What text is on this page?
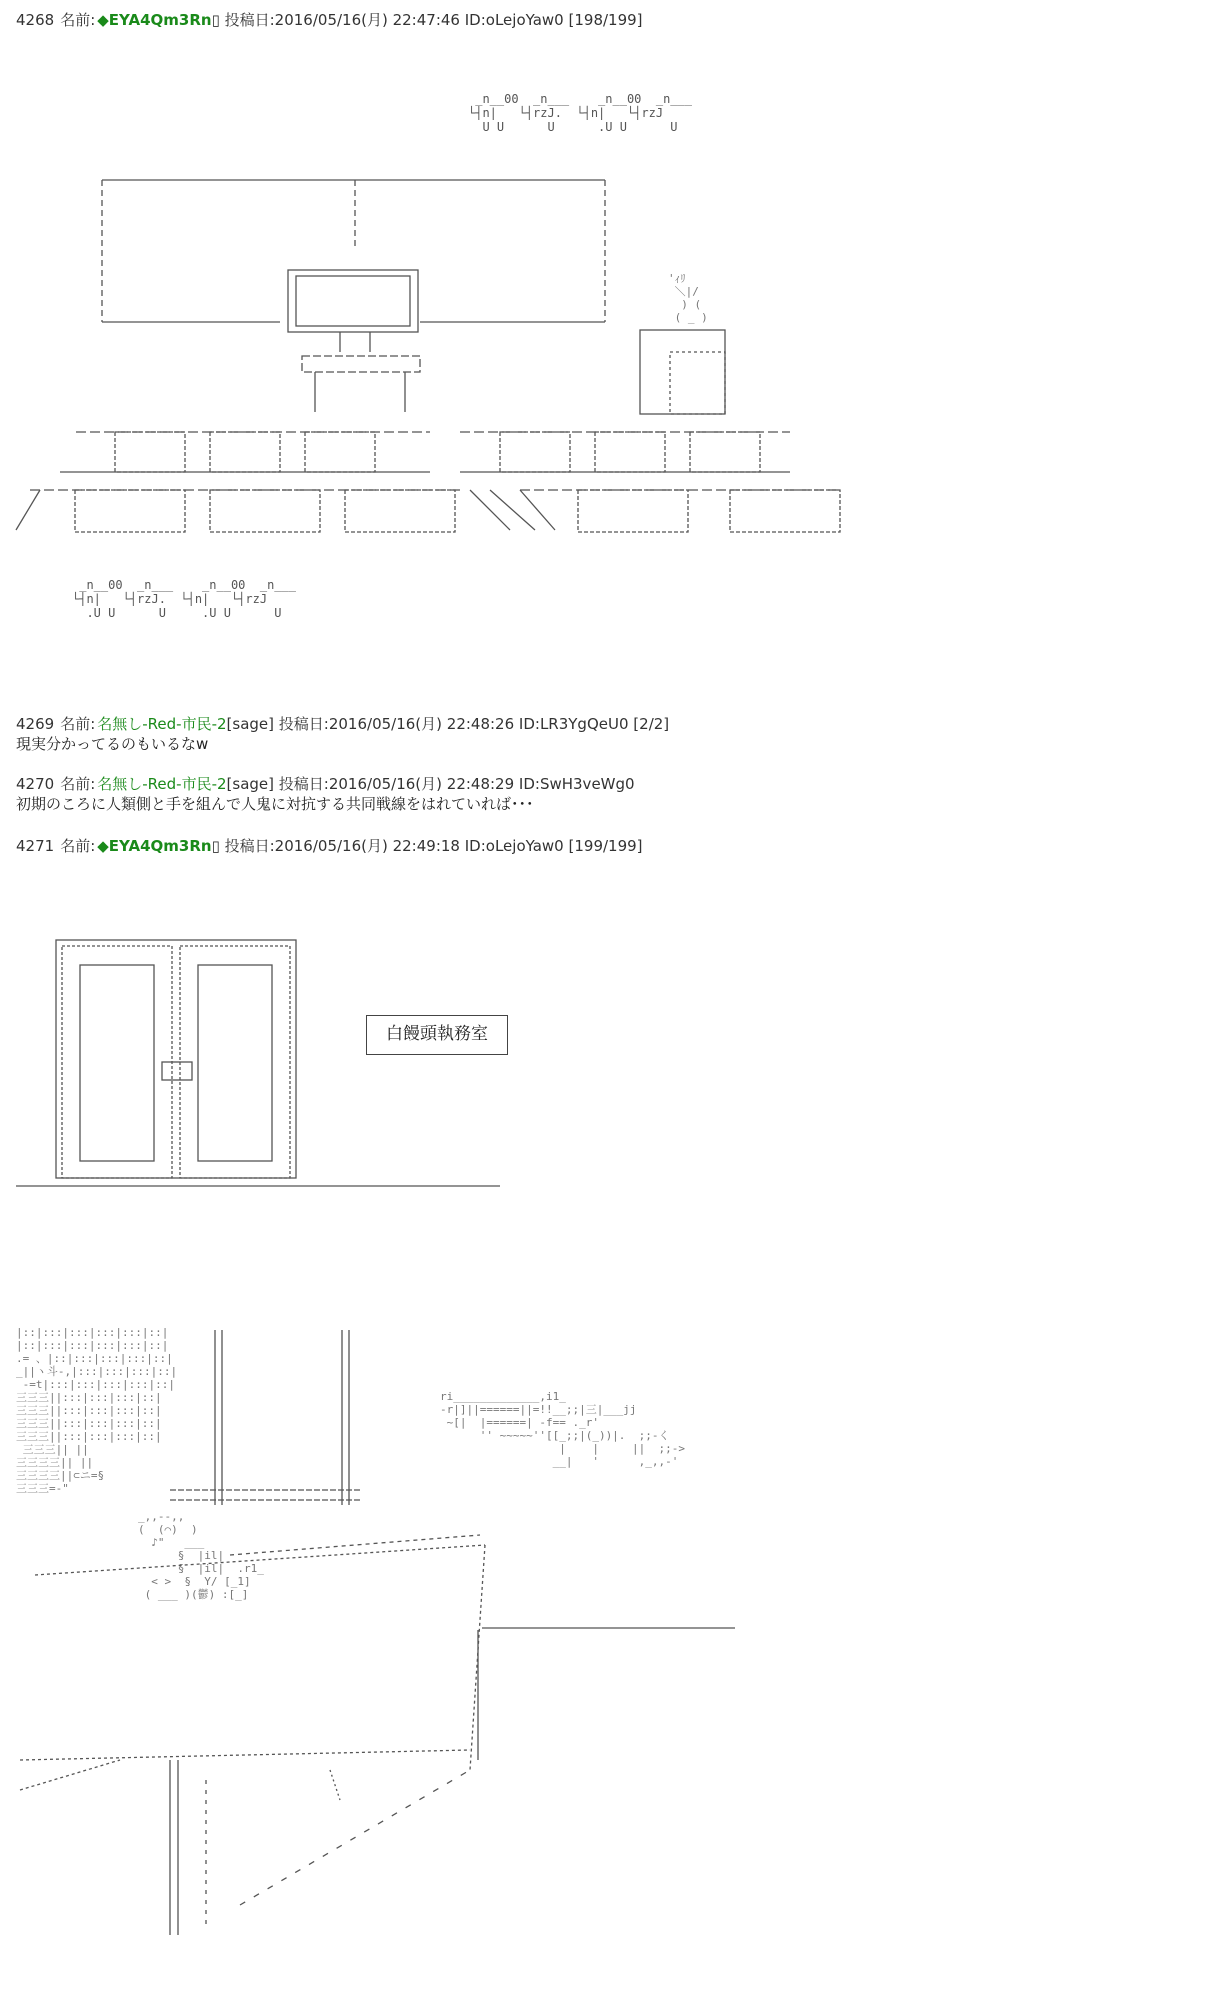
4268 名前: ◆EYA4Qm3Rn▯ 投稿日:2016/05/16(月) 22:47:46 ID:oLejoYaw0 [198/199]
4269 名前: 名無し-Red-市民-2[sage] 投稿日:2016/05/16(月) 22:48:26 ID:LR3YgQeU0 [2/2]
現実分かってるのもいるなw
4270 名前: 名無し-Red-市民-2[sage] 投稿日:2016/05/16(月) 22:48:29 ID:SwH3veWg0
初期のころに人類側と手を組んで人鬼に対抗する共同戦線をはれていれば･･･
4271 名前: ◆EYA4Qm3Rn▯ 投稿日:2016/05/16(月) 22:49:18 ID:oLejoYaw0 [199/199]
_n__00  _n___    _n__00  _n___
└┤n|   └┤rzJ.  └┤n|   └┤rzJ
U U      U      .U U      U
_n__00  _n___    _n__00  _n___
└┤n|   └┤rzJ.  └┤n|   └┤rzJ
.U U      U     .U U      U
'ｨﾘ
＼|/
) (
( _ )
ri_____________,i1_
-r|]||======||=!!__;;|三|___jj
~[|  |======| -f== ._r'
'' ~~~~~''[[_;;|(_))|.  ;;-く
|    |     ||  ;;->
__|   '      ,_,,-'
_,,--,,
(  (⌒)  )
♪"   ___
§  |il|
§  |il|  .r1_
< >  §  Y/ [_1]
( ___ )(鬱) :[_]
|::|:::|:::|:::|:::|::|
|::|:::|:::|:::|:::|::|
.= 、|::|:::|:::|:::|::|
_||ヽ斗-,|:::|:::|:::|::|
-=t|:::|:::|:::|:::|::|
三三三||:::|:::|:::|::|
三三三||:::|:::|:::|::|
三三三||:::|:::|:::|::|
三三三||:::|:::|:::|::|
三三三|| ||
三三三三|| ||
三三三三||⊂ニ=§
三三三=-"
白饅頭執務室
